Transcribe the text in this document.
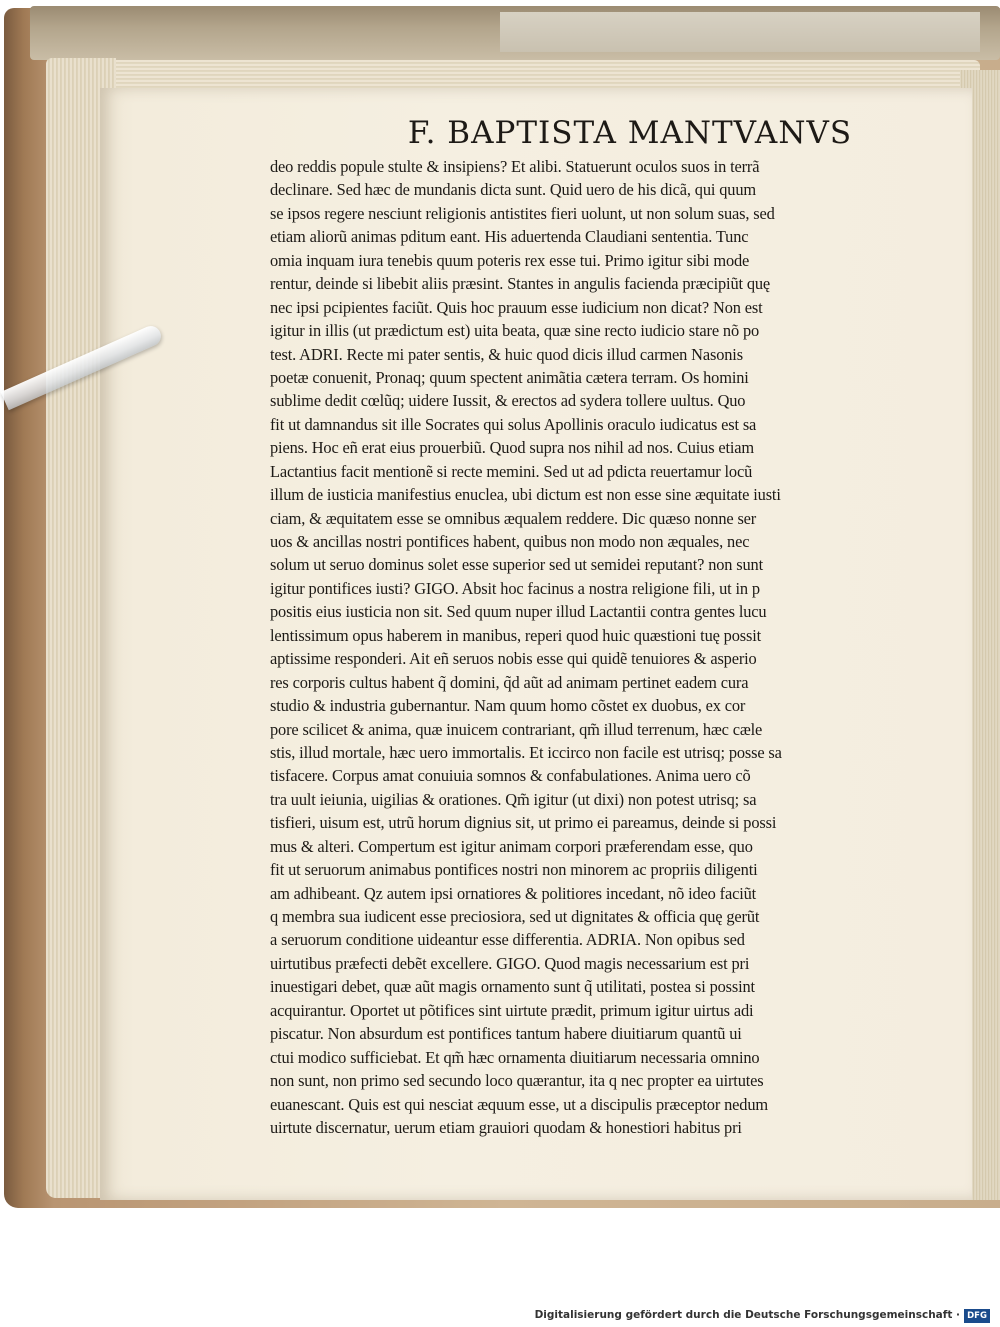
F. BAPTISTA MANTVANVS
deo reddis popule stulte & insipiens? Et alibi. Statuerunt oculos suos in terrã
declinare. Sed hæc de mundanis dicta sunt. Quid uero de his dicã, qui quum
se ipsos regere nesciunt religionis antistites fieri uolunt, ut non solum suas, sed
etiam aliorũ animas pditum eant. His aduertenda Claudiani sententia. Tunc
omia inquam iura tenebis quum poteris rex esse tui. Primo igitur sibi mode
rentur, deinde si libebit aliis præsint. Stantes in angulis facienda præcipiũt quę
nec ipsi pcipientes faciũt. Quis hoc prauum esse iudicium non dicat? Non est
igitur in illis (ut prædictum est) uita beata, quæ sine recto iudicio stare nõ po
test. ADRI. Recte mi pater sentis, & huic quod dicis illud carmen Nasonis
poetæ conuenit, Pronaq; quum spectent animãtia cætera terram. Os homini
sublime dedit cœlũq; uidere Iussit, & erectos ad sydera tollere uultus. Quo
fit ut damnandus sit ille Socrates qui solus Apollinis oraculo iudicatus est sa
piens. Hoc eñ erat eius prouerbiũ. Quod supra nos nihil ad nos. Cuius etiam
Lactantius facit mentionẽ si recte memini. Sed ut ad pdicta reuertamur locũ
illum de iusticia manifestius enuclea, ubi dictum est non esse sine æquitate iusti
ciam, & æquitatem esse se omnibus æqualem reddere. Dic quæso nonne ser
uos & ancillas nostri pontifices habent, quibus non modo non æquales, nec
solum ut seruo dominus solet esse superior sed ut semidei reputant? non sunt
igitur pontifices iusti? GIGO. Absit hoc facinus a nostra religione fili, ut in p
positis eius iusticia non sit. Sed quum nuper illud Lactantii contra gentes lucu
lentissimum opus haberem in manibus, reperi quod huic quæstioni tuę possit
aptissime responderi. Ait eñ seruos nobis esse qui quidẽ tenuiores & asperio
res corporis cultus habent q̃ domini, q̃d aũt ad animam pertinet eadem cura
studio & industria gubernantur. Nam quum homo cõstet ex duobus, ex cor
pore scilicet & anima, quæ inuicem contrariant, qm̃ illud terrenum, hæc cæle
stis, illud mortale, hæc uero immortalis. Et iccirco non facile est utrisq; posse sa
tisfacere. Corpus amat conuiuia somnos & confabulationes. Anima uero cõ
tra uult ieiunia, uigilias & orationes. Qm̃ igitur (ut dixi) non potest utrisq; sa
tisfieri, uisum est, utrũ horum dignius sit, ut primo ei pareamus, deinde si possi
mus & alteri. Compertum est igitur animam corpori præferendam esse, quo
fit ut seruorum animabus pontifices nostri non minorem ac propriis diligenti
am adhibeant. Qz autem ipsi ornatiores & politiores incedant, nõ ideo faciũt
q membra sua iudicent esse preciosiora, sed ut dignitates & officia quę gerũt
a seruorum conditione uideantur esse differentia. ADRIA. Non opibus sed
uirtutibus præfecti debẽt excellere. GIGO. Quod magis necessarium est pri
inuestigari debet, quæ aũt magis ornamento sunt q̃ utilitati, postea si possint
acquirantur. Oportet ut põtifices sint uirtute prædit, primum igitur uirtus adi
piscatur. Non absurdum est pontifices tantum habere diuitiarum quantũ ui
ctui modico sufficiebat. Et qm̃ hæc ornamenta diuitiarum necessaria omnino
non sunt, non primo sed secundo loco quærantur, ita q nec propter ea uirtutes
euanescant. Quis est qui nesciat æquum esse, ut a discipulis præceptor nedum
uirtute discernatur, uerum etiam grauiori quodam & honestiori habitus pri
Digitalisierung gefördert durch die Deutsche Forschungsgemeinschaft · DFG
